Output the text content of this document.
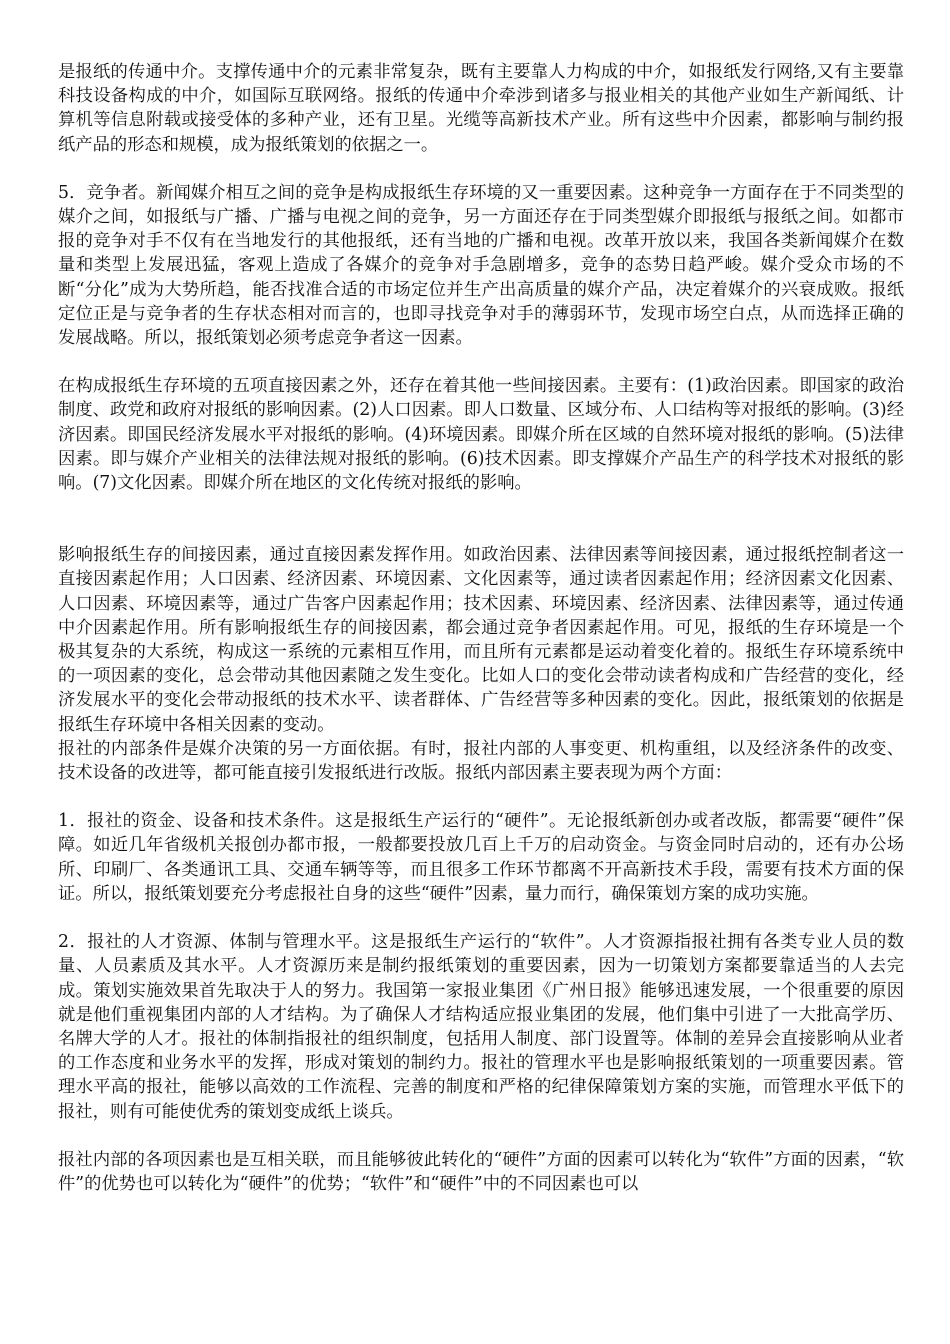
是报纸的传通中介。支撑传通中介的元素非常复杂，既有主要靠人力构成的中介，如报纸发行网络,又有主要靠科技设备构成的中介，如国际互联网络。报纸的传通中介牵涉到诸多与报业相关的其他产业如生产新闻纸、计算机等信息附载或接受体的多种产业，还有卫星。光缆等高新技术产业。所有这些中介因素，都影响与制约报纸产品的形态和规模，成为报纸策划的依据之一。

5．竞争者。新闻媒介相互之间的竞争是构成报纸生存环境的又一重要因素。这种竞争一方面存在于不同类型的媒介之间，如报纸与广播、广播与电视之间的竞争，另一方面还存在于同类型媒介即报纸与报纸之间。如都市报的竞争对手不仅有在当地发行的其他报纸，还有当地的广播和电视。改革开放以来，我国各类新闻媒介在数量和类型上发展迅猛，客观上造成了各媒介的竞争对手急剧增多，竞争的态势日趋严峻。媒介受众市场的不断“分化”成为大势所趋，能否找准合适的市场定位并生产出高质量的媒介产品，决定着媒介的兴衰成败。报纸定位正是与竞争者的生存状态相对而言的，也即寻找竞争对手的薄弱环节，发现市场空白点，从而选择正确的发展战略。所以，报纸策划必须考虑竞争者这一因素。

在构成报纸生存环境的五项直接因素之外，还存在着其他一些间接因素。主要有：(1)政治因素。即国家的政治制度、政党和政府对报纸的影响因素。(2)人口因素。即人口数量、区域分布、人口结构等对报纸的影响。(3)经济因素。即国民经济发展水平对报纸的影响。(4)环境因素。即媒介所在区域的自然环境对报纸的影响。(5)法律因素。即与媒介产业相关的法律法规对报纸的影响。(6)技术因素。即支撑媒介产品生产的科学技术对报纸的影响。(7)文化因素。即媒介所在地区的文化传统对报纸的影响。

影响报纸生存的间接因素，通过直接因素发挥作用。如政治因素、法律因素等间接因素，通过报纸控制者这一直接因素起作用；人口因素、经济因素、环境因素、文化因素等，通过读者因素起作用；经济因素文化因素、人口因素、环境因素等，通过广告客户因素起作用；技术因素、环境因素、经济因素、法律因素等，通过传通中介因素起作用。所有影响报纸生存的间接因素，都会通过竞争者因素起作用。可见，报纸的生存环境是一个极其复杂的大系统，构成这一系统的元素相互作用，而且所有元素都是运动着变化着的。报纸生存环境系统中的一项因素的变化，总会带动其他因素随之发生变化。比如人口的变化会带动读者构成和广告经营的变化，经济发展水平的变化会带动报纸的技术水平、读者群体、广告经营等多种因素的变化。因此，报纸策划的依据是报纸生存环境中各相关因素的变动。

报社的内部条件是媒介决策的另一方面依据。有时，报社内部的人事变更、机构重组，以及经济条件的改变、技术设备的改进等，都可能直接引发报纸进行改版。报纸内部因素主要表现为两个方面：

1．报社的资金、设备和技术条件。这是报纸生产运行的“硬件”。无论报纸新创办或者改版，都需要“硬件”保障。如近几年省级机关报创办都市报，一般都要投放几百上千万的启动资金。与资金同时启动的，还有办公场所、印刷厂、各类通讯工具、交通车辆等等，而且很多工作环节都离不开高新技术手段，需要有技术方面的保证。所以，报纸策划要充分考虑报社自身的这些“硬件”因素，量力而行，确保策划方案的成功实施。

2．报社的人才资源、体制与管理水平。这是报纸生产运行的“软件”。人才资源指报社拥有各类专业人员的数量、人员素质及其水平。人才资源历来是制约报纸策划的重要因素，因为一切策划方案都要靠适当的人去完成。策划实施效果首先取决于人的努力。我国第一家报业集团《广州日报》能够迅速发展，一个很重要的原因就是他们重视集团内部的人才结构。为了确保人才结构适应报业集团的发展，他们集中引进了一大批高学历、名牌大学的人才。报社的体制指报社的组织制度，包括用人制度、部门设置等。体制的差异会直接影响从业者的工作态度和业务水平的发挥，形成对策划的制约力。报社的管理水平也是影响报纸策划的一项重要因素。管理水平高的报社，能够以高效的工作流程、完善的制度和严格的纪律保障策划方案的实施，而管理水平低下的报社，则有可能使优秀的策划变成纸上谈兵。

报社内部的各项因素也是互相关联，而且能够彼此转化的“硬件”方面的因素可以转化为“软件”方面的因素，“软件”的优势也可以转化为“硬件”的优势；“软件”和“硬件”中的不同因素也可以
